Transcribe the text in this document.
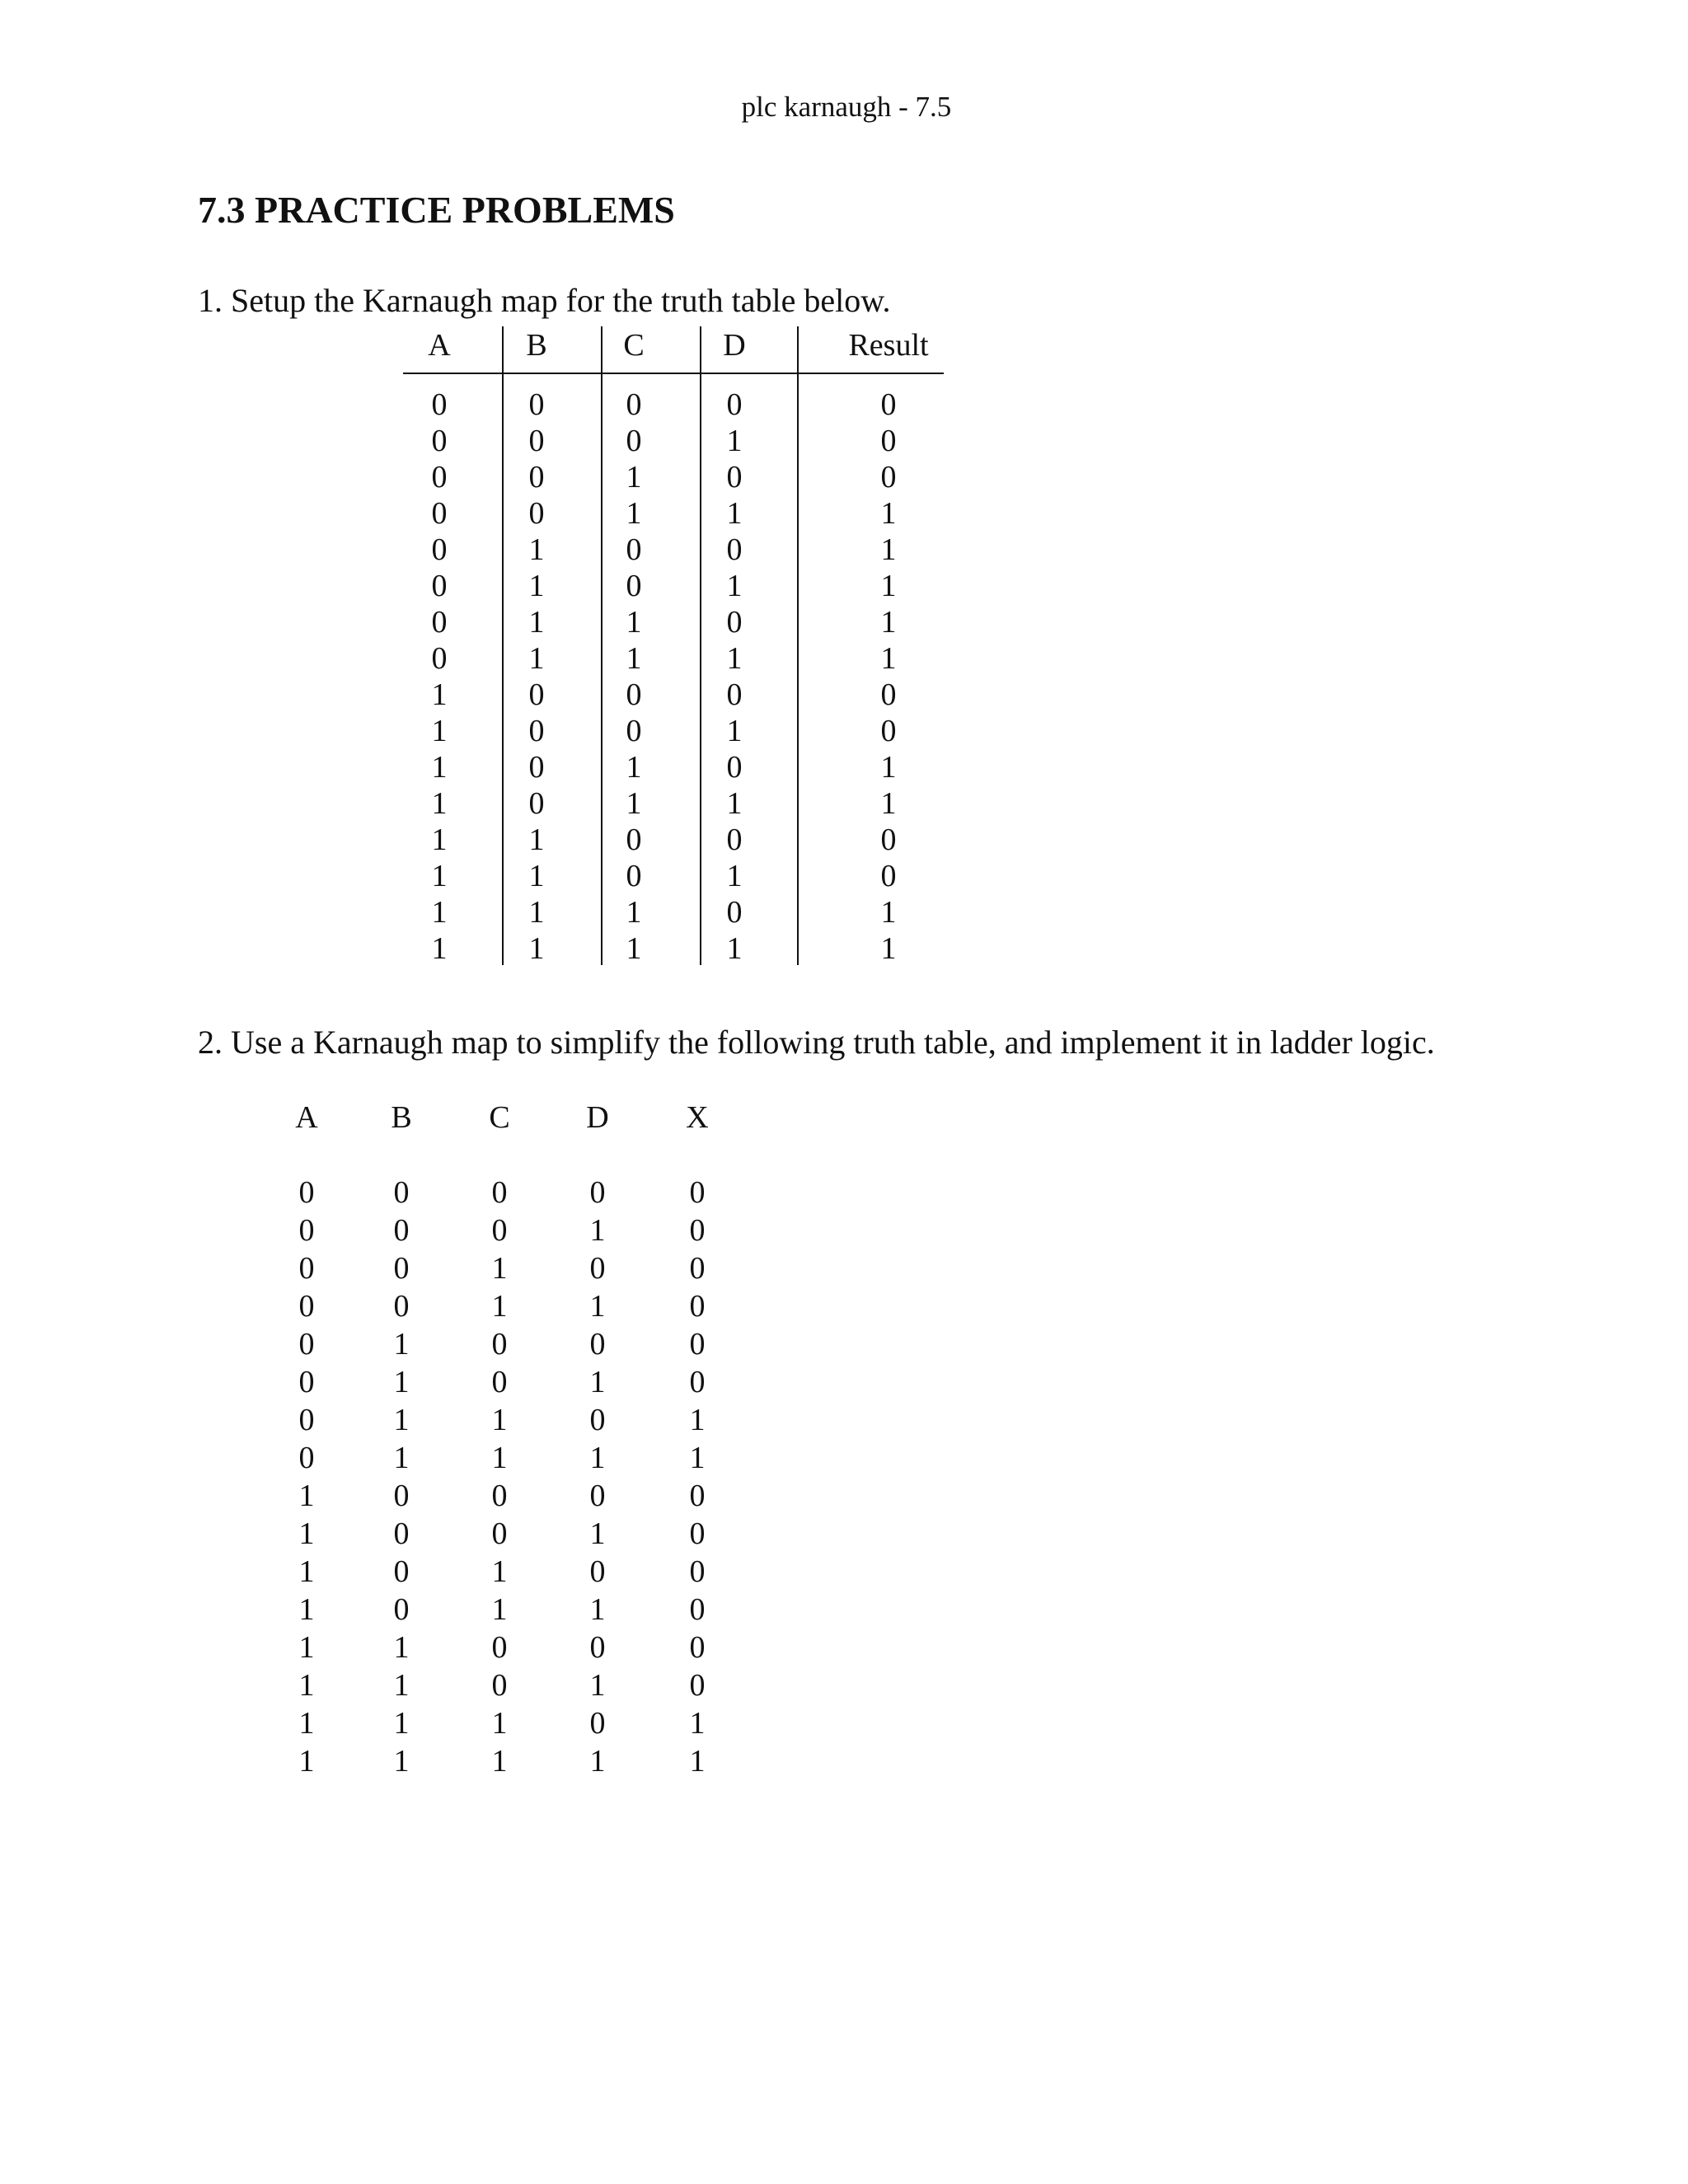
plc karnaugh - 7.5
7.3 PRACTICE PROBLEMS
1. Setup the Karnaugh map for the truth table below.
A	B	C	D	Result
0	0	0	0	0
0	0	0	1	0
0	0	1	0	0
0	0	1	1	1
0	1	0	0	1
0	1	0	1	1
0	1	1	0	1
0	1	1	1	1
1	0	0	0	0
1	0	0	1	0
1	0	1	0	1
1	0	1	1	1
1	1	0	0	0
1	1	0	1	0
1	1	1	0	1
1	1	1	1	1
2. Use a Karnaugh map to simplify the following truth table, and implement it in ladder logic.
A	B	C	D	X
0	0	0	0	0
0	0	0	1	0
0	0	1	0	0
0	0	1	1	0
0	1	0	0	0
0	1	0	1	0
0	1	1	0	1
0	1	1	1	1
1	0	0	0	0
1	0	0	1	0
1	0	1	0	0
1	0	1	1	0
1	1	0	0	0
1	1	0	1	0
1	1	1	0	1
1	1	1	1	1
